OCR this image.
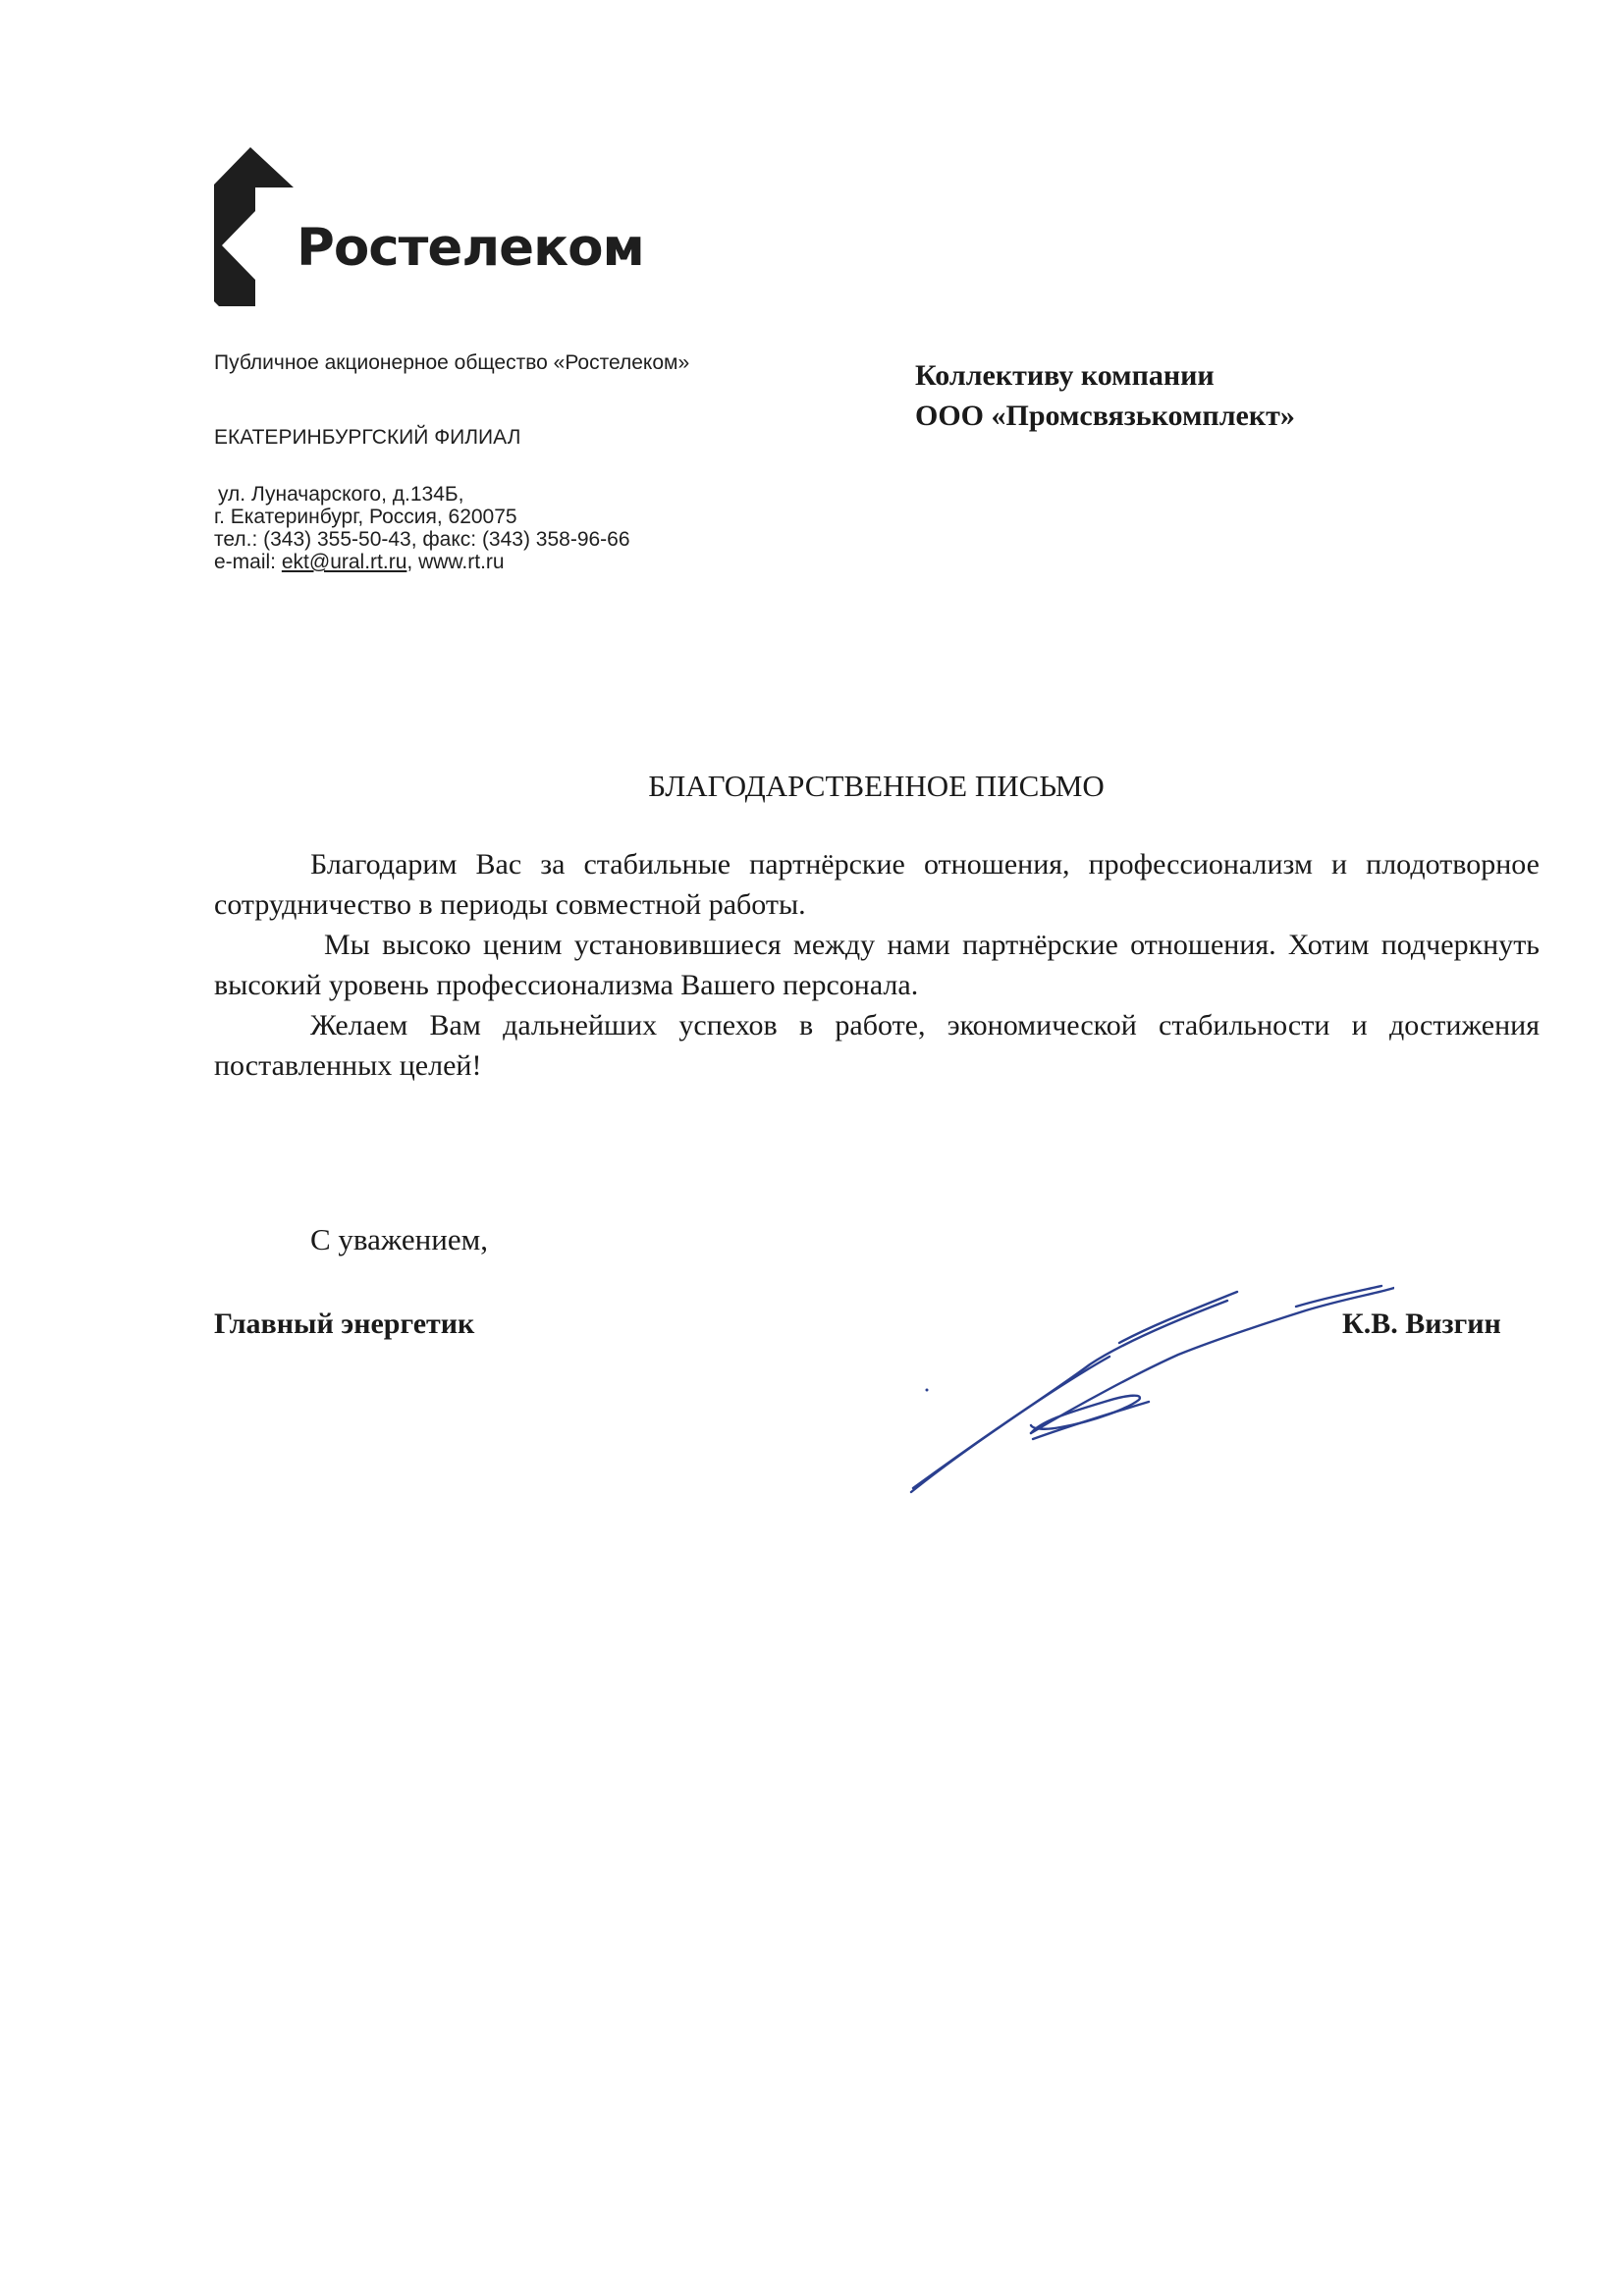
Ростелеком
Публичное акционерное общество «Ростелеком»
ЕКАТЕРИНБУРГСКИЙ ФИЛИАЛ
ул. Луначарского, д.134Б,
г. Екатеринбург, Россия, 620075
тел.: (343) 355-50-43, факс: (343) 358-96-66
e-mail: ekt@ural.rt.ru, www.rt.ru
Коллективу компании
ООО «Промсвязькомплект»
БЛАГОДАРСТВЕННОЕ ПИСЬМО

Благодарим Вас за стабильные партнёрские отношения, профессионализм и плодотворное сотрудничество в периоды совместной работы.

Мы высоко ценим установившиеся между нами партнёрские отношения. Хотим подчеркнуть высокий уровень профессионализма Вашего персонала.

Желаем Вам дальнейших успехов в работе, экономической стабильности и достижения поставленных целей!

С уважением,
Главный энергетик	К.В. Визгин
